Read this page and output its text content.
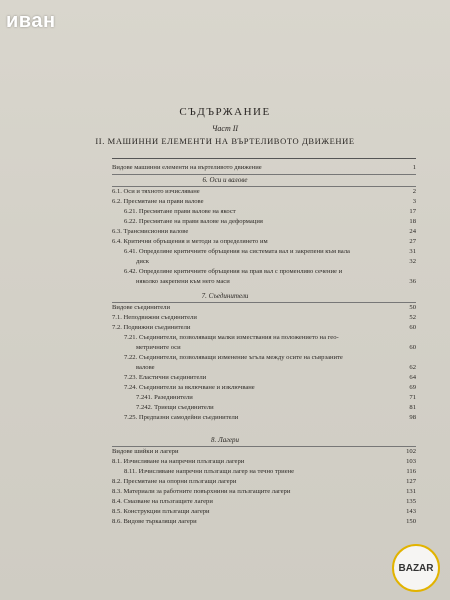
иван
СЪДЪРЖАНИЕ
Част II
II. МАШИННИ ЕЛЕМЕНТИ НА ВЪРТЕЛИВОТО ДВИЖЕНИЕ
Видове машинни елементи на въртеливото движение	1
6. Оси и валове
6.1. Оси и тяхното изчисляване	2
6.2. Пресмятане на прави валове	3
6.21. Пресмятане прави валове на якост	17
6.22. Пресмятане на прави валове на деформация	18
6.3. Трансмисионни валове	24
6.4. Критични обръщения и методи за определянето им	27
6.41. Определяне критичните обръщения на системата вал и закрепени към вала	31
диск	32
6.42. Определяне критичните обръщения на прав вал с променливо сечение и
няколко закрепени към него маси	36
7. Съединители
Видове съединители	50
7.1. Неподвижни съединители	52
7.2. Подвижни съединители	60
7.21. Съединители, позволяващи малки измествания на положението на гео-
метричните оси	60
7.22. Съединители, позволяващи изменение ъгъла между осите на съврзаните
валове	62
7.23. Еластични съединители	64
7.24. Съединители за включване и изключване	69
7.241. Разединители	71
7.242. Триещи съединители	81
7.25. Предпазни самодейни съединители	98
8. Лагери
Видове шийки и лагери	102
8.1. Изчисляване на напречни плъзгащи лагери	103
8.11. Изчисляване напречни плъзгащи лагер на течно триене	116
8.2. Пресмятане на опорни плъзгащи лагери	127
8.3. Материали за работните повърхнини на плъзгащите лагери	131
8.4. Смазване на плъзгащите лагери	135
8.5. Конструкции плъзгащи лагери	143
8.6. Видове търкалящи лагери	150
BAZAR
